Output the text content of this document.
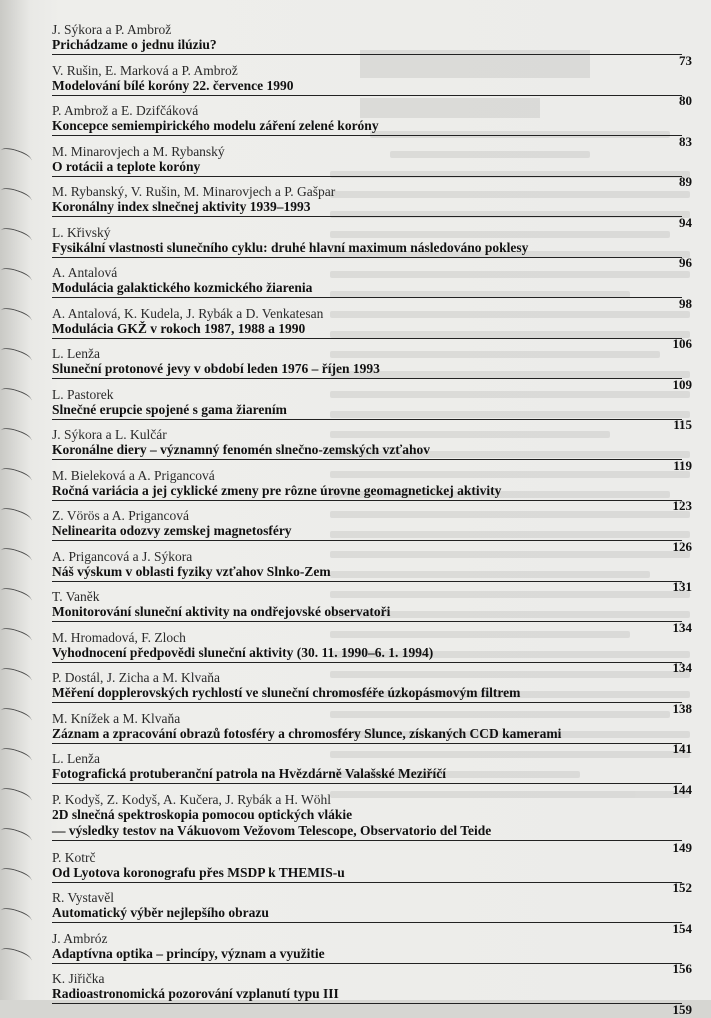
J. Sýkora a P. Ambrož
Prichádzame o jednu ilúziu?
73
V. Rušin, E. Marková a P. Ambrož
Modelování bílé koróny 22. července 1990
80
P. Ambrož a E. Dzifčáková
Koncepce semiempirického modelu záření zelené koróny
83
M. Minarovjech a M. Rybanský
O rotácii a teplote koróny
89
M. Rybanský, V. Rušin, M. Minarovjech a P. Gašpar
Koronálny index slnečnej aktivity 1939–1993
94
L. Křivský
Fysikální vlastnosti slunečního cyklu: druhé hlavní maximum následováno poklesy
96
A. Antalová
Modulácia galaktického kozmického žiarenia
98
A. Antalová, K. Kudela, J. Rybák a D. Venkatesan
Modulácia GKŽ v rokoch 1987, 1988 a 1990
106
L. Lenža
Sluneční protonové jevy v období leden 1976 – říjen 1993
109
L. Pastorek
Slnečné erupcie spojené s gama žiarením
115
J. Sýkora a L. Kulčár
Koronálne diery – významný fenomén slnečno-zemských vzťahov
119
M. Bieleková a A. Prigancová
Ročná variácia a jej cyklické zmeny pre rôzne úrovne geomagnetickej aktivity
123
Z. Vörös a A. Prigancová
Nelinearita odozvy zemskej magnetosféry
126
A. Prigancová a J. Sýkora
Náš výskum v oblasti fyziky vzťahov Slnko-Zem
131
T. Vaněk
Monitorování sluneční aktivity na ondřejovské observatoři
134
M. Hromadová, F. Zloch
Vyhodnocení předpovědi sluneční aktivity (30. 11. 1990–6. 1. 1994)
134
P. Dostál, J. Zicha a M. Klvaňa
Měření dopplerovských rychlostí ve sluneční chromosféře úzkopásmovým filtrem
138
M. Knížek a M. Klvaňa
Záznam a zpracování obrazů fotosféry a chromosféry Slunce, získaných CCD kamerami
141
L. Lenža
Fotografická protuberanční patrola na Hvězdárně Valašské Meziříčí
144
P. Kodyš, Z. Kodyš, A. Kučera, J. Rybák a H. Wöhl
2D slnečná spektroskopia pomocou optických vlákie
— výsledky testov na Vákuovom Vežovom Telescope, Observatorio del Teide
149
P. Kotrč
Od Lyotova koronografu přes MSDP k THEMIS-u
152
R. Vystavěl
Automatický výběr nejlepšího obrazu
154
J. Ambróz
Adaptívna optika – princípy, význam a využitie
156
K. Jiřička
Radioastronomická pozorování vzplanutí typu III
159
